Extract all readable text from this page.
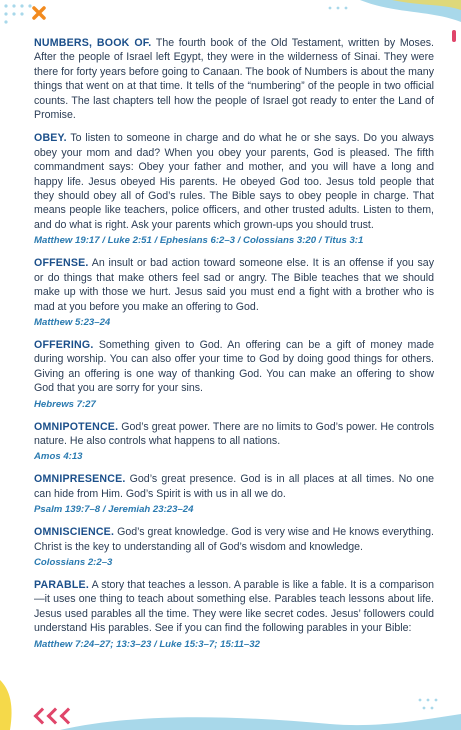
NUMBERS, BOOK OF. The fourth book of the Old Testament, written by Moses. After the people of Israel left Egypt, they were in the wilderness of Sinai. They were there for forty years before going to Canaan. The book of Numbers is about the many things that went on at that time. It tells of the “numbering” of the people in two official counts. The last chapters tell how the people of Israel got ready to enter the Land of Promise.

OBEY. To listen to someone in charge and do what he or she says. Do you always obey your mom and dad? When you obey your parents, God is pleased. The fifth commandment says: Obey your father and mother, and you will have a long and happy life. Jesus obeyed His parents. He obeyed God too. Jesus told people that they should obey all of God’s rules. The Bible says to obey people in charge. That means people like teachers, police officers, and other trusted adults. Listen to them, and do what is right. Ask your parents which grown-ups you should trust.

Matthew 19:17 / Luke 2:51 / Ephesians 6:2–3 / Colossians 3:20 / Titus 3:1

OFFENSE. An insult or bad action toward someone else. It is an offense if you say or do things that make others feel sad or angry. The Bible teaches that we should make up with those we hurt. Jesus said you must end a fight with a brother who is mad at you before you make an offering to God.

Matthew 5:23–24

OFFERING. Something given to God. An offering can be a gift of money made during worship. You can also offer your time to God by doing good things for others. Giving an offering is one way of thanking God. You can make an offering to show God that you are sorry for your sins.

Hebrews 7:27

OMNIPOTENCE. God’s great power. There are no limits to God’s power. He controls nature. He also controls what happens to all nations.

Amos 4:13

OMNIPRESENCE. God’s great presence. God is in all places at all times. No one can hide from Him. God’s Spirit is with us in all we do.

Psalm 139:7–8 / Jeremiah 23:23–24

OMNISCIENCE. God’s great knowledge. God is very wise and He knows everything. Christ is the key to understanding all of God’s wisdom and knowledge.

Colossians 2:2–3

PARABLE. A story that teaches a lesson. A parable is like a fable. It is a comparison—it uses one thing to teach about something else. Parables teach lessons about life. Jesus used parables all the time. They were like secret codes. Jesus’ followers could understand His parables. See if you can find the following parables in your Bible:

Matthew 7:24–27; 13:3–23 / Luke 15:3–7; 15:11–32
